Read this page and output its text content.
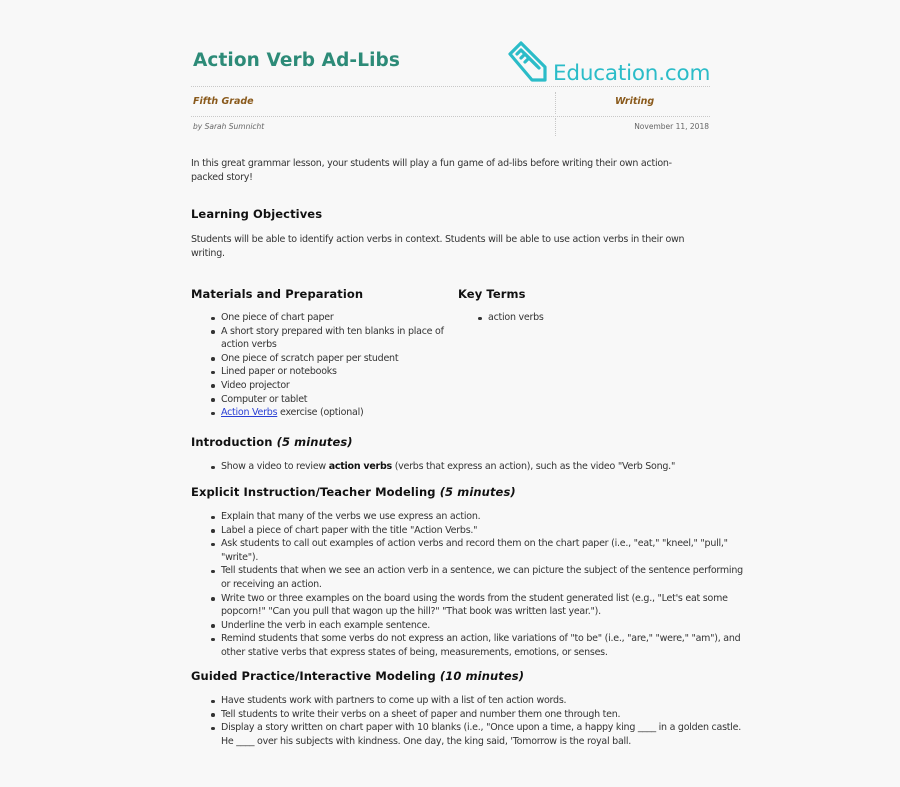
Action Verb Ad-Libs
Education.com
Fifth Grade	Writing
by Sarah Sumnicht	November 11, 2018

In this great grammar lesson, your students will play a fun game of ad-libs before writing their own action-packed story!

Learning Objectives

Students will be able to identify action verbs in context. Students will be able to use action verbs in their own writing.

Materials and Preparation
One piece of chart paper
A short story prepared with ten blanks in place of action verbs
One piece of scratch paper per student
Lined paper or notebooks
Video projector
Computer or tablet
Action Verbs exercise (optional)
Key Terms
action verbs
Introduction (5 minutes)
Show a video to review action verbs (verbs that express an action), such as the video "Verb Song."
Explicit Instruction/Teacher Modeling (5 minutes)
Explain that many of the verbs we use express an action.
Label a piece of chart paper with the title "Action Verbs."
Ask students to call out examples of action verbs and record them on the chart paper (i.e., "eat," "kneel," "pull," "write").
Tell students that when we see an action verb in a sentence, we can picture the subject of the sentence performing or receiving an action.
Write two or three examples on the board using the words from the student generated list (e.g., "Let's eat some popcorn!" "Can you pull that wagon up the hill?" "That book was written last year.").
Underline the verb in each example sentence.
Remind students that some verbs do not express an action, like variations of "to be" (i.e., "are," "were," "am"), and other stative verbs that express states of being, measurements, emotions, or senses.
Guided Practice/Interactive Modeling (10 minutes)
Have students work with partners to come up with a list of ten action words.
Tell students to write their verbs on a sheet of paper and number them one through ten.
Display a story written on chart paper with 10 blanks (i.e., "Once upon a time, a happy king ____ in a golden castle. He ____ over his subjects with kindness. One day, the king said, 'Tomorrow is the royal ball.
